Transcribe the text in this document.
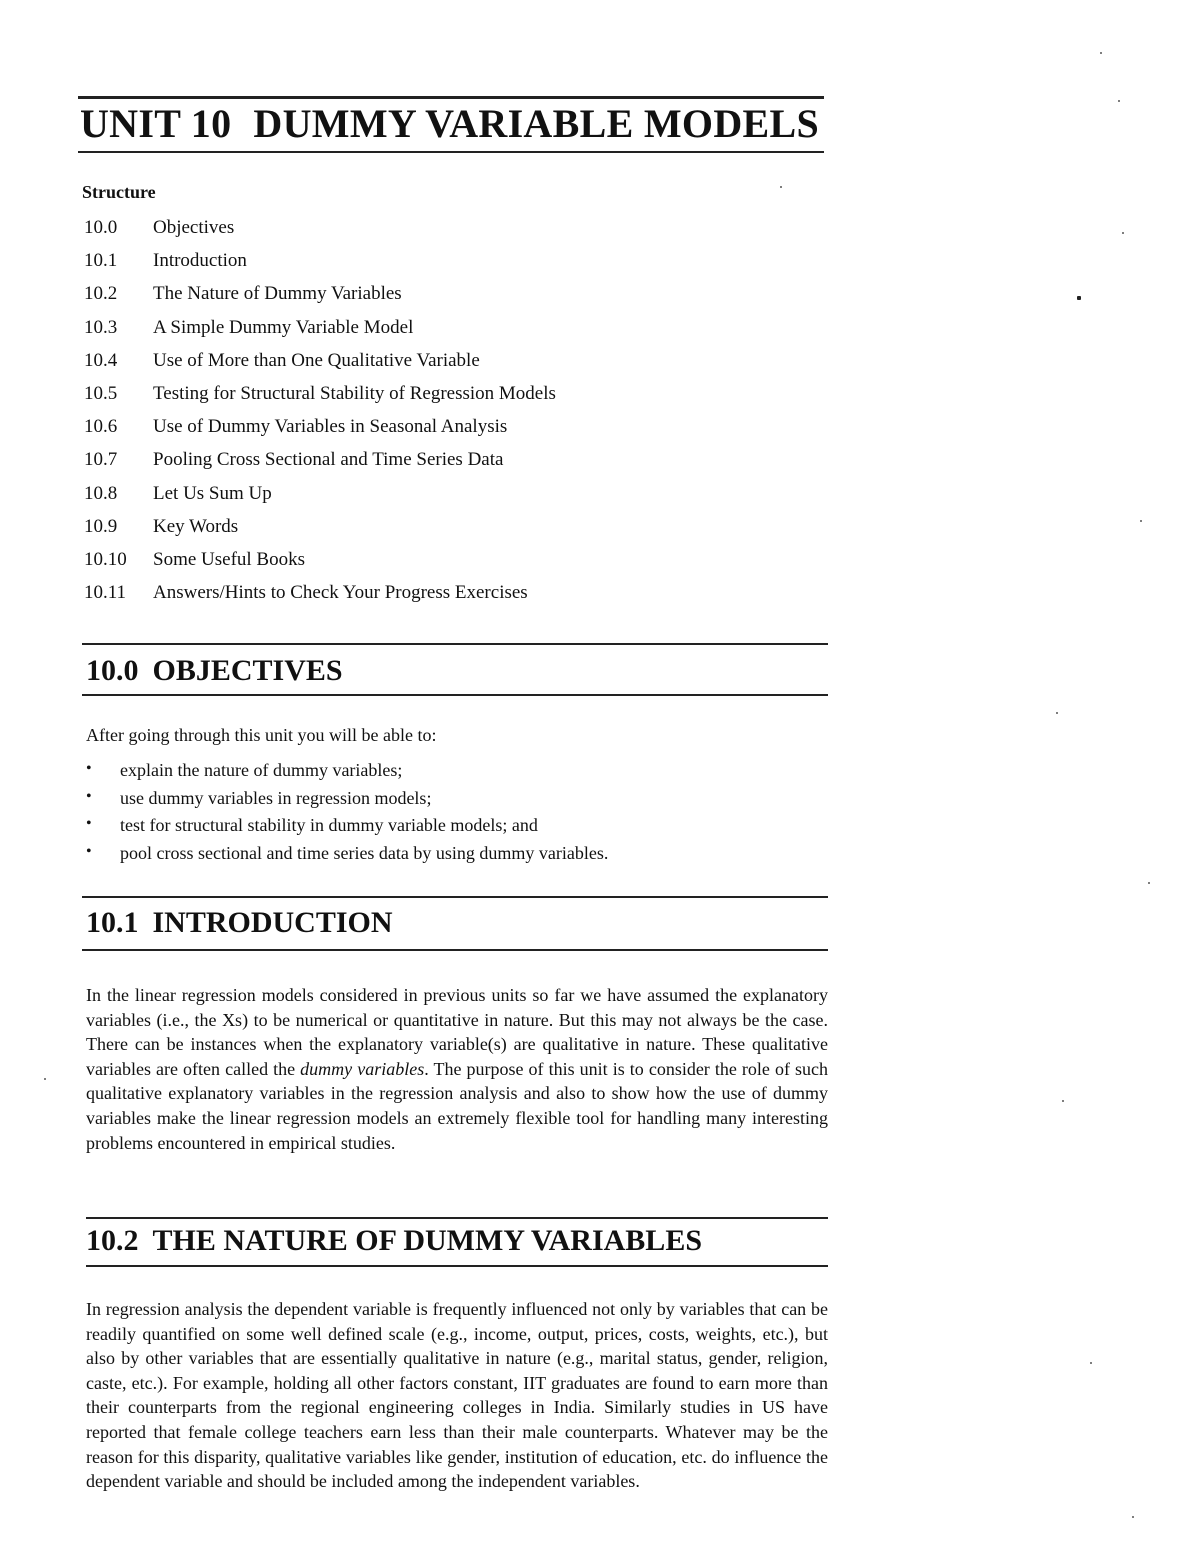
UNIT 10 DUMMY VARIABLE MODELS
Structure
10.0 Objectives
10.1 Introduction
10.2 The Nature of Dummy Variables
10.3 A Simple Dummy Variable Model
10.4 Use of More than One Qualitative Variable
10.5 Testing for Structural Stability of Regression Models
10.6 Use of Dummy Variables in Seasonal Analysis
10.7 Pooling Cross Sectional and Time Series Data
10.8 Let Us Sum Up
10.9 Key Words
10.10 Some Useful Books
10.11 Answers/Hints to Check Your Progress Exercises
10.0 OBJECTIVES

After going through this unit you will be able to:

• explain the nature of dummy variables;
• use dummy variables in regression models;
• test for structural stability in dummy variable models; and
• pool cross sectional and time series data by using dummy variables.
10.1 INTRODUCTION

In the linear regression models considered in previous units so far we have assumed the explanatory variables (i.e., the Xs) to be numerical or quantitative in nature. But this may not always be the case. There can be instances when the explanatory variable(s) are qualitative in nature. These qualitative variables are often called the dummy variables. The purpose of this unit is to consider the role of such qualitative explanatory variables in the regression analysis and also to show how the use of dummy variables make the linear regression models an extremely flexible tool for handling many interesting problems encountered in empirical studies.

10.2 THE NATURE OF DUMMY VARIABLES

In regression analysis the dependent variable is frequently influenced not only by variables that can be readily quantified on some well defined scale (e.g., income, output, prices, costs, weights, etc.), but also by other variables that are essentially qualitative in nature (e.g., marital status, gender, religion, caste, etc.). For example, holding all other factors constant, IIT graduates are found to earn more than their counterparts from the regional engineering colleges in India. Similarly studies in US have reported that female college teachers earn less than their male counterparts. Whatever may be the reason for this disparity, qualitative variables like gender, institution of education, etc. do influence the dependent variable and should be included among the independent variables.
